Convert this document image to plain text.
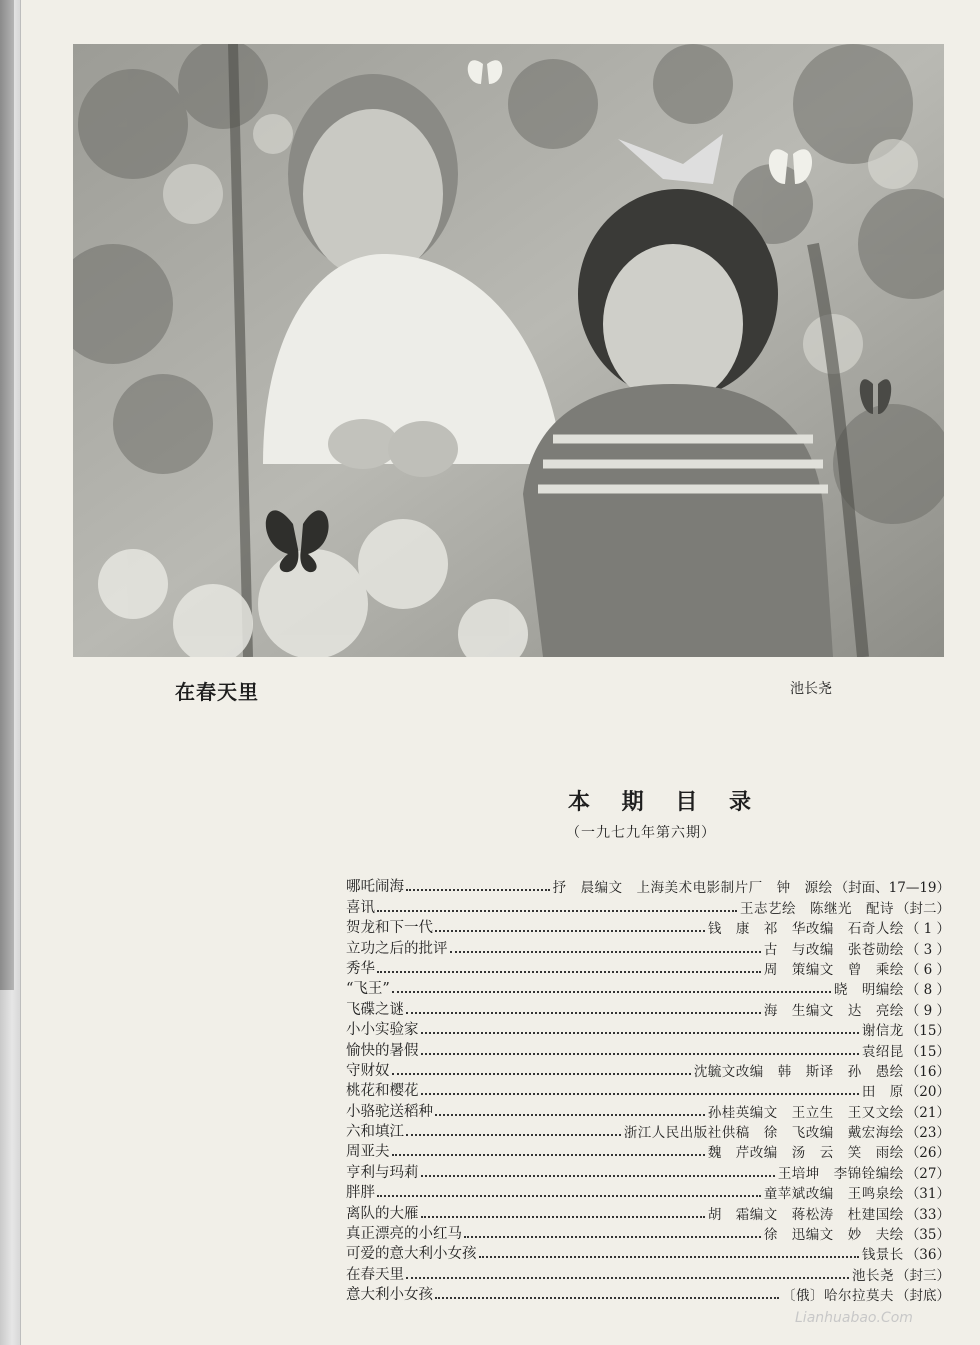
在春天里	池长尧
本 期 目 录
（一九七九年第六期）
哪吒闹海	抒　晨编文　上海美术电影制片厂　钟　源绘 （封面、17—19）
喜讯	王志艺绘　陈继光　配诗 （封二）
贺龙和下一代	钱　康　祁　华改编　石奇人绘 （ 1 ）
立功之后的批评	古　与改编　张苍勋绘 （ 3 ）
秀华	周　策编文　曾　乘绘 （ 6 ）
“飞王”	晓　明编绘 （ 8 ）
飞碟之谜	海　生编文　达　亮绘 （ 9 ）
小小实验家	谢信龙 （15）
愉快的暑假	袁绍昆 （15）
守财奴	沈毓文改编　韩　斯译　孙　愚绘 （16）
桃花和樱花	田　原 （20）
小骆驼送稻种	孙桂英编文　王立生　王又文绘 （21）
六和填江	浙江人民出版社供稿　徐　飞改编　戴宏海绘 （23）
周亚夫	魏　芹改编　汤　云　笑　雨绘 （26）
亨利与玛莉	王培坤　李锦铨编绘 （27）
胖胖	童苹斌改编　王鸣泉绘 （31）
离队的大雁	胡　霜编文　蒋松涛　杜建国绘 （33）
真正漂亮的小红马	徐　迅编文　妙　夫绘 （35）
可爱的意大利小女孩	钱景长 （36）
在春天里	池长尧 （封三）
意大利小女孩	〔俄〕哈尔拉莫夫 （封底）
Lianhuabao.Com
